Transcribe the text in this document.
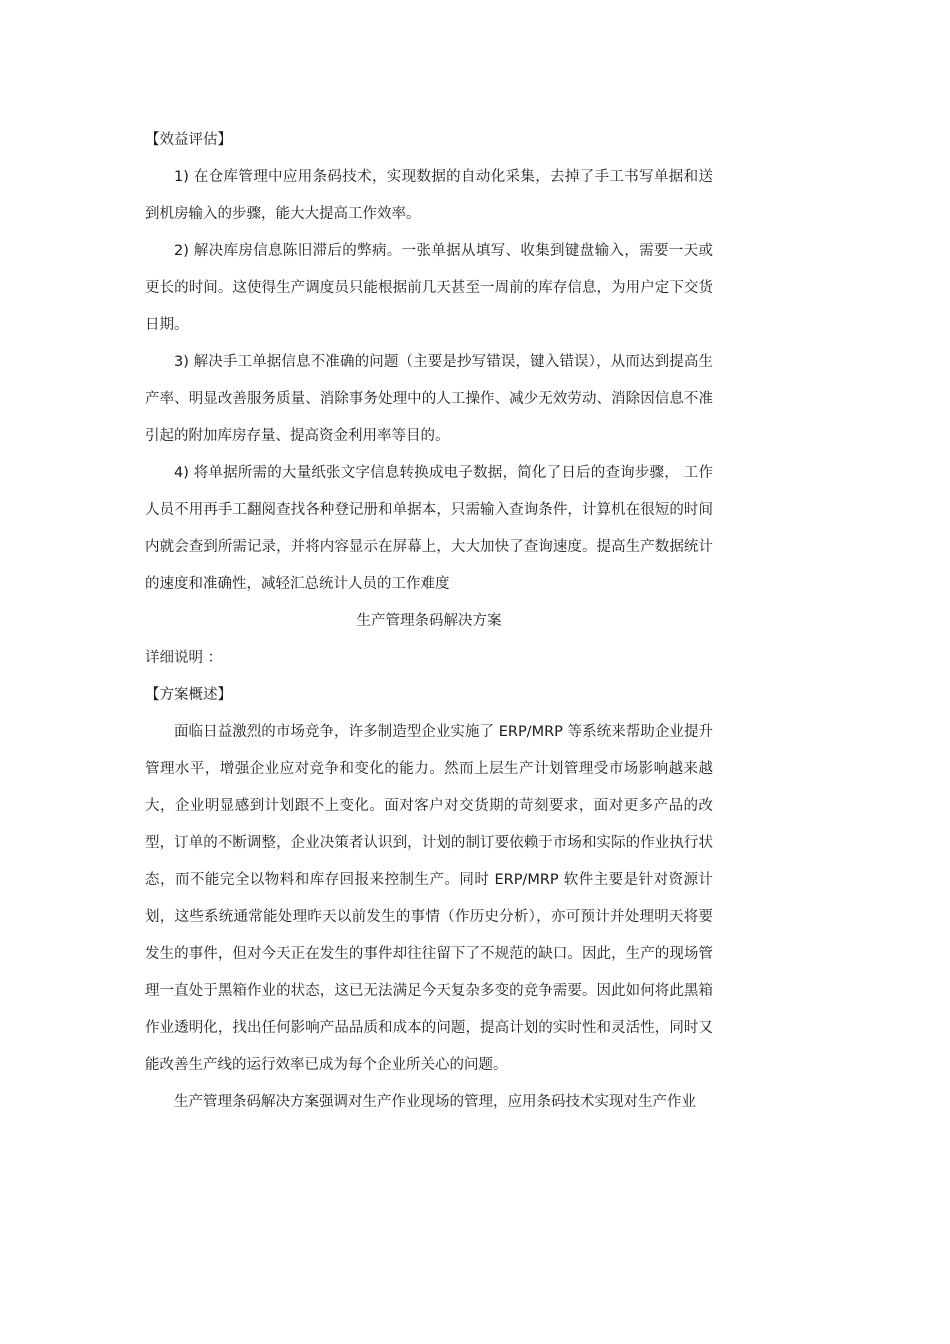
【效益评估】

1) 在仓库管理中应用条码技术，实现数据的自动化采集，去掉了手工书写单据和送到机房输入的步骤，能大大提高工作效率。

2) 解决库房信息陈旧滞后的弊病。一张单据从填写、收集到键盘输入，需要一天或更长的时间。这使得生产调度员只能根据前几天甚至一周前的库存信息，为用户定下交货日期。

3) 解决手工单据信息不准确的问题（主要是抄写错误，键入错误），从而达到提高生产率、明显改善服务质量、消除事务处理中的人工操作、减少无效劳动、消除因信息不准引起的附加库房存量、提高资金利用率等目的。

4) 将单据所需的大量纸张文字信息转换成电子数据，简化了日后的查询步骤， 工作人员不用再手工翻阅查找各种登记册和单据本，只需输入查询条件，计算机在很短的时间内就会查到所需记录，并将内容显示在屏幕上，大大加快了查询速度。提高生产数据统计的速度和准确性，减轻汇总统计人员的工作难度

生产管理条码解决方案

详细说明 ：

【方案概述】

面临日益激烈的市场竞争，许多制造型企业实施了 ERP/MRP 等系统来帮助企业提升管理水平，增强企业应对竞争和变化的能力。然而上层生产计划管理受市场影响越来越大，企业明显感到计划跟不上变化。面对客户对交货期的苛刻要求，面对更多产品的改型，订单的不断调整，企业决策者认识到，计划的制订要依赖于市场和实际的作业执行状态，而不能完全以物料和库存回报来控制生产。同时 ERP/MRP 软件主要是针对资源计划，这些系统通常能处理昨天以前发生的事情（作历史分析），亦可预计并处理明天将要发生的事件，但对今天正在发生的事件却往往留下了不规范的缺口。因此，生产的现场管理一直处于黑箱作业的状态，这已无法满足今天复杂多变的竞争需要。因此如何将此黑箱作业透明化，找出任何影响产品品质和成本的问题，提高计划的实时性和灵活性，同时又能改善生产线的运行效率已成为每个企业所关心的问题。

生产管理条码解决方案强调对生产作业现场的管理，应用条码技术实现对生产作业
